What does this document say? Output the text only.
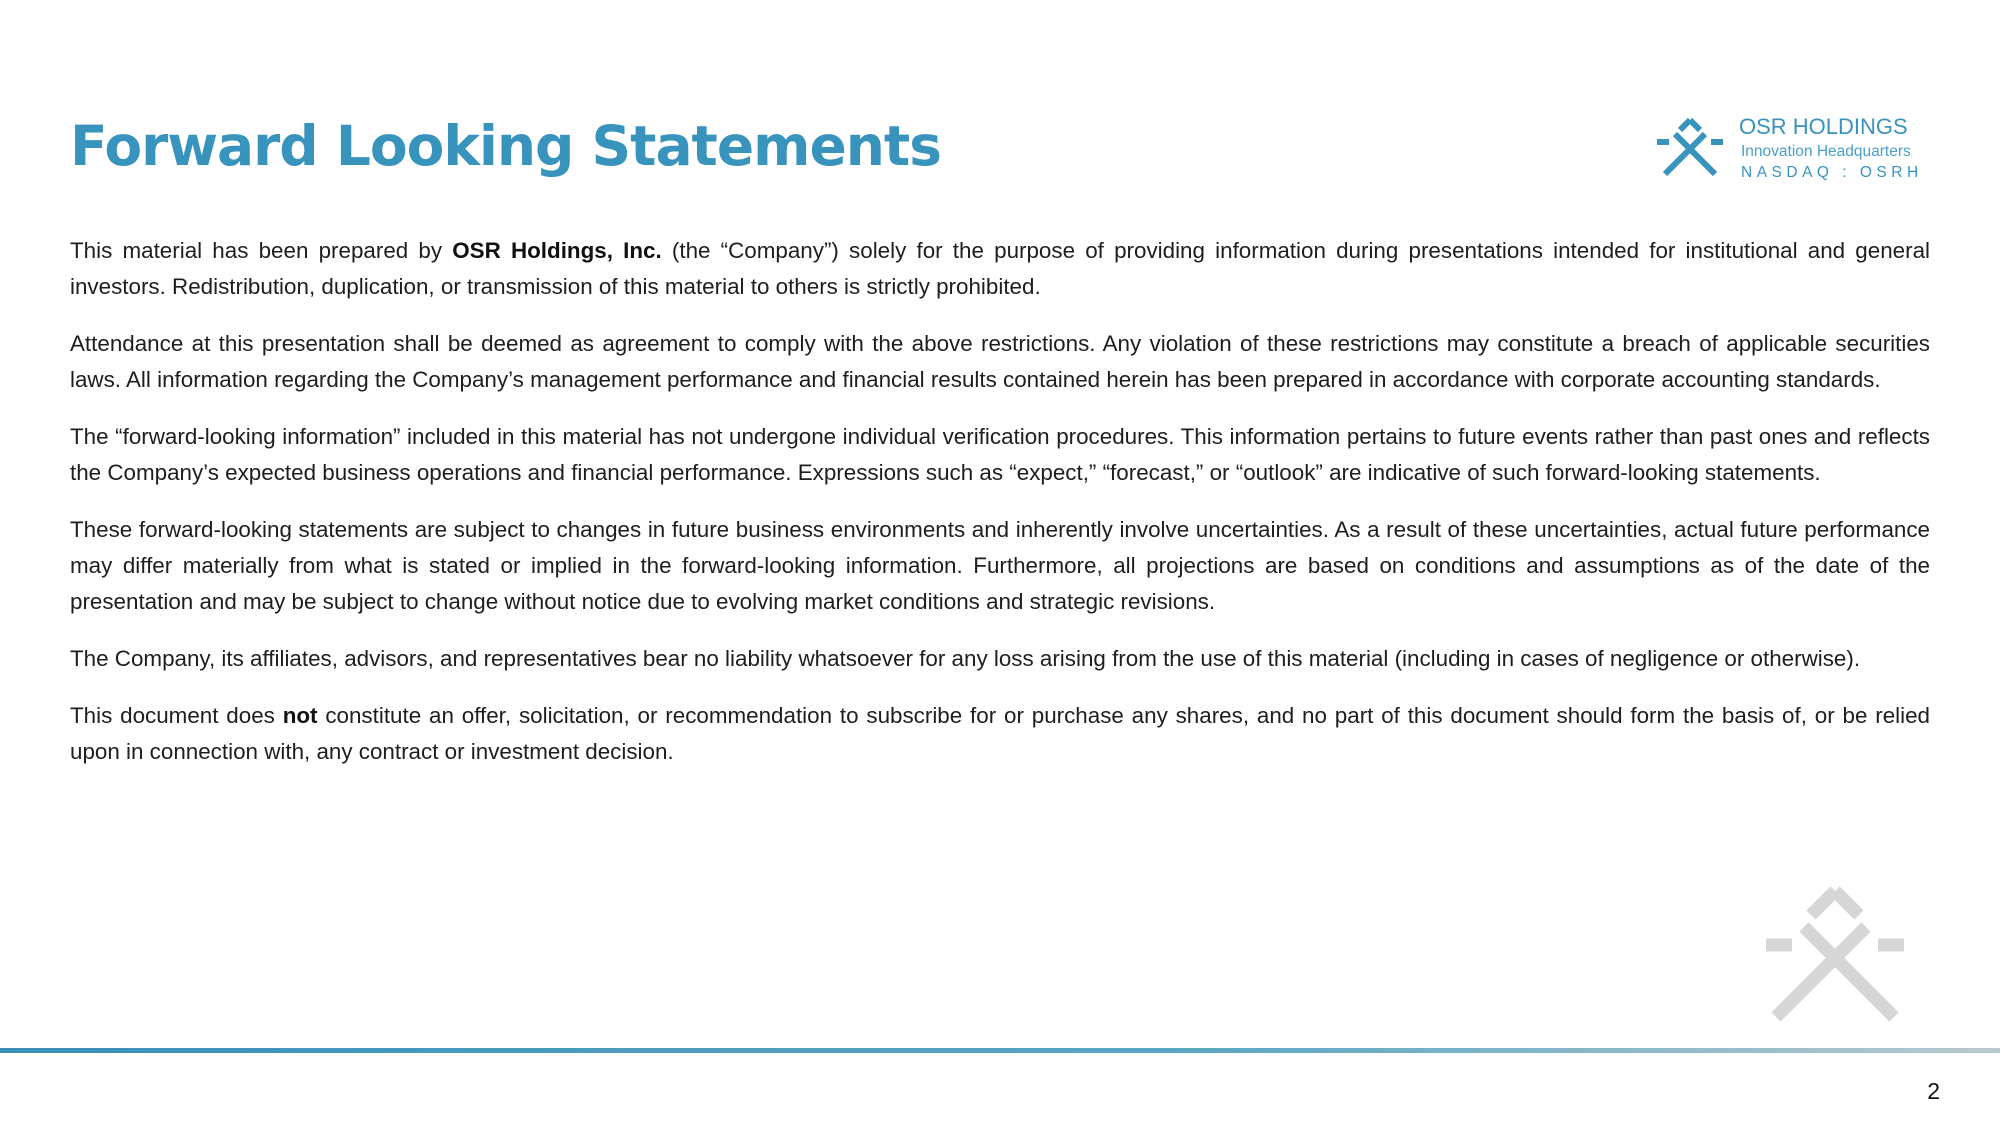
Forward Looking Statements	OSR HOLDINGS
Innovation Headquarters
NASDAQ : OSRH

This material has been prepared by OSR Holdings, Inc. (the “Company”) solely for the purpose of providing information during presentations intended for institutional and general investors. Redistribution, duplication, or transmission of this material to others is strictly prohibited.

Attendance at this presentation shall be deemed as agreement to comply with the above restrictions. Any violation of these restrictions may constitute a breach of applicable securities laws. All information regarding the Company’s management performance and financial results contained herein has been prepared in accordance with corporate accounting standards.

The “forward-looking information” included in this material has not undergone individual verification procedures. This information pertains to future events rather than past ones and reflects the Company’s expected business operations and financial performance. Expressions such as “expect,” “forecast,” or “outlook” are indicative of such forward-looking statements.

These forward-looking statements are subject to changes in future business environments and inherently involve uncertainties. As a result of these uncertainties, actual future performance may differ materially from what is stated or implied in the forward-looking information. Furthermore, all projections are based on conditions and assumptions as of the date of the presentation and may be subject to change without notice due to evolving market conditions and strategic revisions.

The Company, its affiliates, advisors, and representatives bear no liability whatsoever for any loss arising from the use of this material (including in cases of negligence or otherwise).

This document does not constitute an offer, solicitation, or recommendation to subscribe for or purchase any shares, and no part of this document should form the basis of, or be relied upon in connection with, any contract or investment decision.

2
